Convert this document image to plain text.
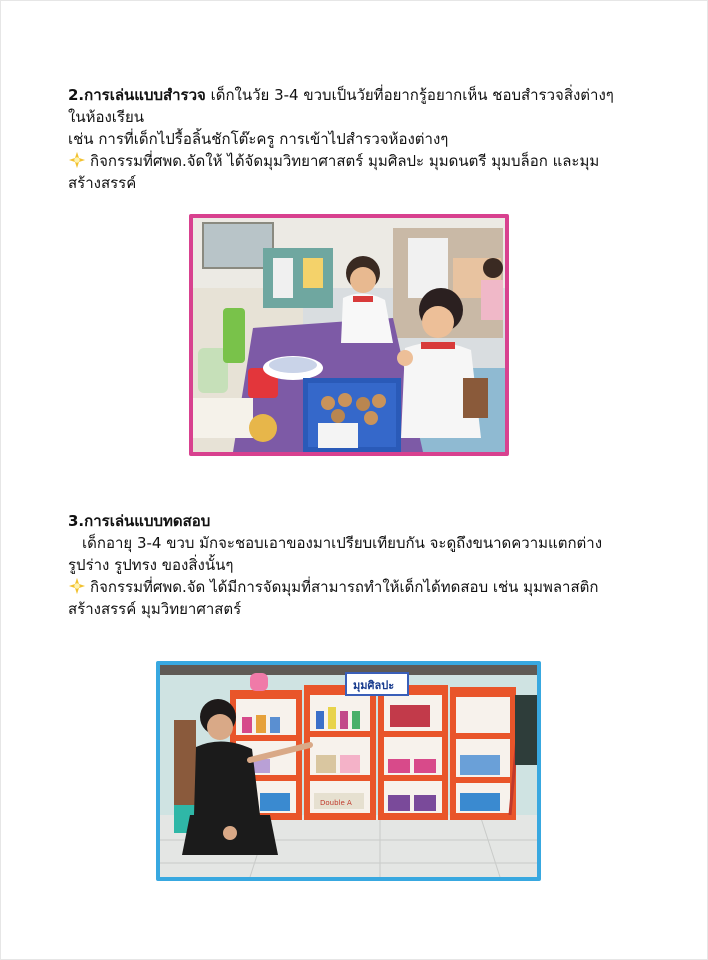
2.การเล่นแบบสำรวจ เด็กในวัย 3-4 ขวบเป็นวัยที่อยากรู้อยากเห็น ชอบสำรวจสิ่งต่างๆ

ในห้องเรียน

เช่น การที่เด็กไปรื้อลิ้นชักโต๊ะครู การเข้าไปสำรวจห้องต่างๆ

กิจกรรมที่ศพด.จัดให้ ได้จัดมุมวิทยาศาสตร์ มุมศิลปะ มุมดนตรี มุมบล็อก และมุม

สร้างสรรค์

3.การเล่นแบบทดสอบ

เด็กอายุ 3-4 ขวบ มักจะชอบเอาของมาเปรียบเทียบกัน จะดูถึงขนาดความแตกต่าง

รูปร่าง รูปทรง ของสิ่งนั้นๆ

กิจกรรมที่ศพด.จัด ได้มีการจัดมุมที่สามารถทำให้เด็กได้ทดสอบ เช่น มุมพลาสติก

สร้างสรรค์ มุมวิทยาศาสตร์

Double A
มุมศิลปะ
